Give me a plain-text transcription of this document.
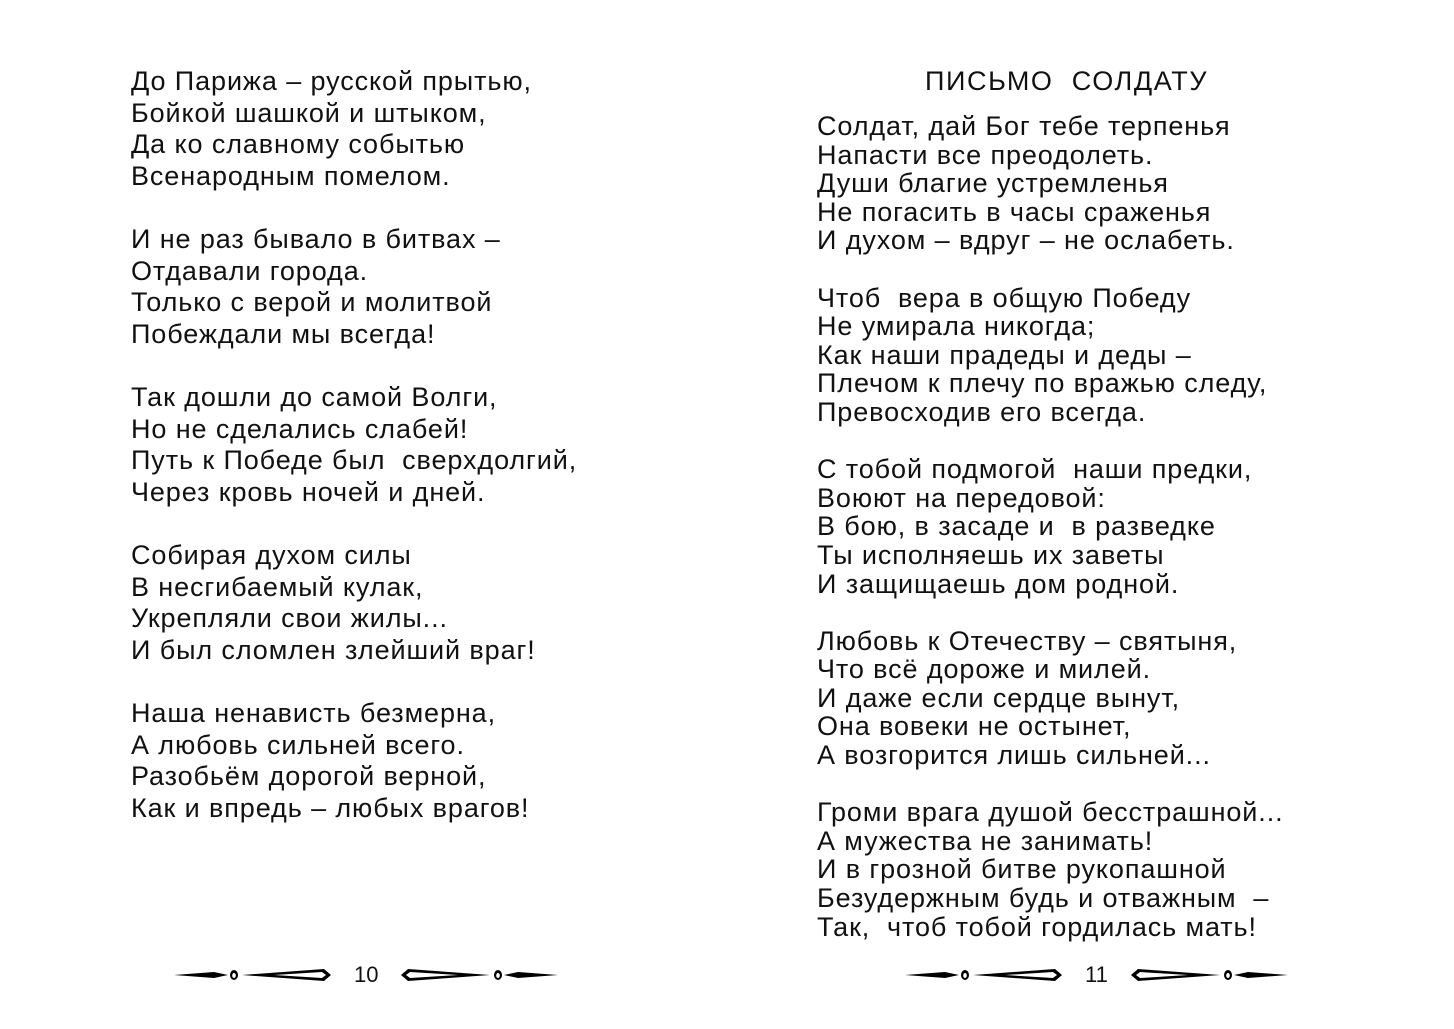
До Парижа – русской прытью,
Бойкой шашкой и штыком,
Да ко славному событью
Всенародным помелом.
И не раз бывало в битвах –
Отдавали города.
Только с верой и молитвой
Побеждали мы всегда!
Так дошли до самой Волги,
Но не сделались слабей!
Путь к Победе был  сверхдолгий,
Через кровь ночей и дней.
Собирая духом силы
В несгибаемый кулак,
Укрепляли свои жилы...
И был сломлен злейший враг!
Наша ненависть безмерна,
А любовь сильней всего.
Разобьём дорогой верной,
Как и впредь – любых врагов!
10
ПИСЬМО  СОЛДАТУ
Солдат, дай Бог тебе терпенья
Напасти все преодолеть.
Души благие устремленья
Не погасить в часы сраженья
И духом – вдруг – не ослабеть.
Чтоб  вера в общую Победу
Не умирала никогда;
Как наши прадеды и деды –
Плечом к плечу по вражью следу,
Превосходив его всегда.
С тобой подмогой  наши предки,
Воюют на передовой:
В бою, в засаде и  в разведке
Ты исполняешь их заветы
И защищаешь дом родной.
Любовь к Отечеству – святыня,
Что всё дороже и милей.
И даже если сердце вынут,
Она вовеки не остынет,
А возгорится лишь сильней...
Громи врага душой бесстрашной...
А мужества не занимать!
И в грозной битве рукопашной
Безудержным будь и отважным  –
Так,  чтоб тобой гордилась мать!
11
